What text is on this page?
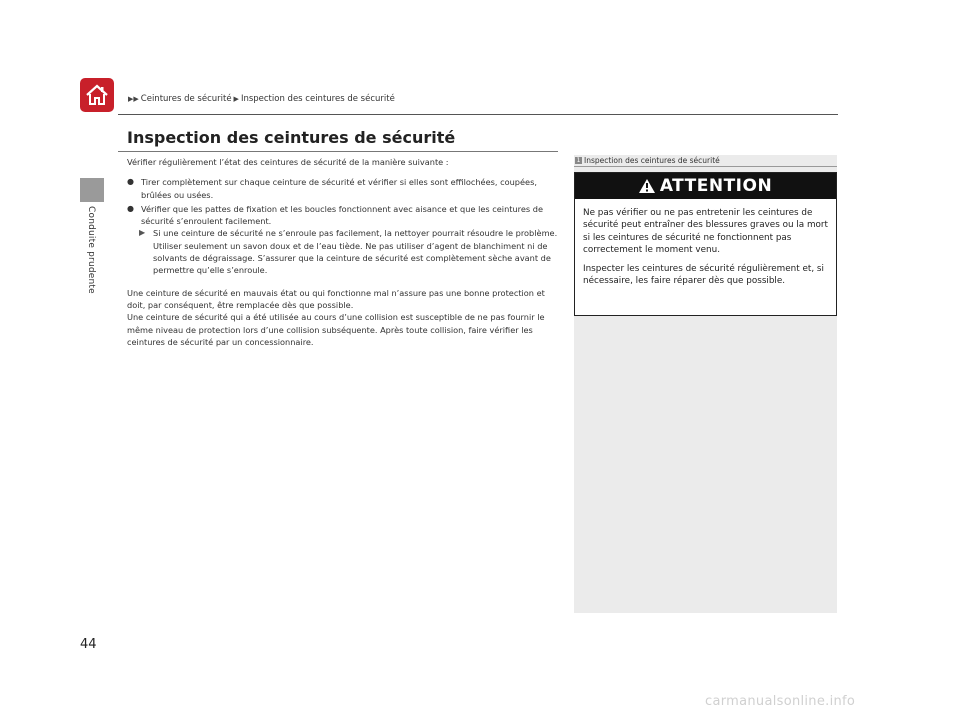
Conduite prudente
▶▶ Ceintures de sécurité ▶ Inspection des ceintures de sécurité
Inspection des ceintures de sécurité

Vérifier régulièrement l’état des ceintures de sécurité de la manière suivante :

● Tirer complètement sur chaque ceinture de sécurité et vérifier si elles sont effilochées, coupées, brûlées ou usées.
● Vérifier que les pattes de fixation et les boucles fonctionnent avec aisance et que les ceintures de sécurité s’enroulent facilement.
▶ Si une ceinture de sécurité ne s’enroule pas facilement, la nettoyer pourrait résoudre le problème. Utiliser seulement un savon doux et de l’eau tiède. Ne pas utiliser d’agent de blanchiment ni de solvants de dégraissage. S’assurer que la ceinture de sécurité est complètement sèche avant de permettre qu’elle s’enroule.
Une ceinture de sécurité en mauvais état ou qui fonctionne mal n’assure pas une bonne protection et doit, par conséquent, être remplacée dès que possible.
Une ceinture de sécurité qui a été utilisée au cours d’une collision est susceptible de ne pas fournir le même niveau de protection lors d’une collision subséquente. Après toute collision, faire vérifier les ceintures de sécurité par un concessionnaire.
1 Inspection des ceintures de sécurité
ATTENTION

Ne pas vérifier ou ne pas entretenir les ceintures de sécurité peut entraîner des blessures graves ou la mort si les ceintures de sécurité ne fonctionnent pas correctement le moment venu.

Inspecter les ceintures de sécurité régulièrement et, si nécessaire, les faire réparer dès que possible.

44
carmanualsonline.info
